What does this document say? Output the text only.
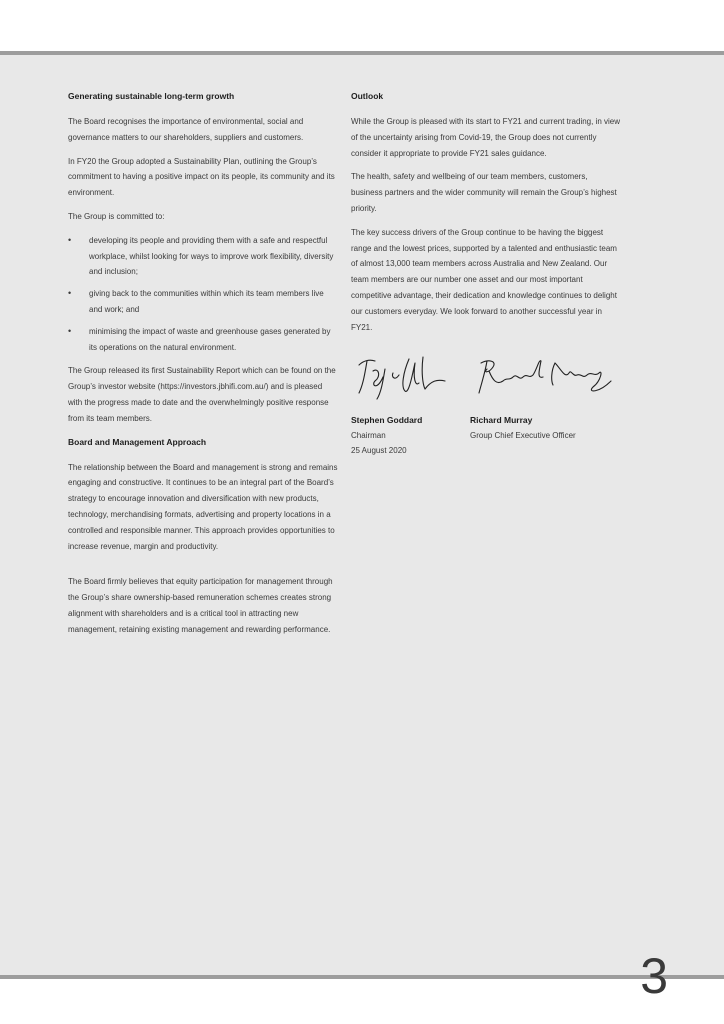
Generating sustainable long-term growth

The Board recognises the importance of environmental, social and governance matters to our shareholders, suppliers and customers.

In FY20 the Group adopted a Sustainability Plan, outlining the Group’s commitment to having a positive impact on its people, its community and its environment.

The Group is committed to:

• developing its people and providing them with a safe and respectful workplace, whilst looking for ways to improve work flexibility, diversity and inclusion;
• giving back to the communities within which its team members live and work; and
• minimising the impact of waste and greenhouse gases generated by its operations on the natural environment.

The Group released its first Sustainability Report which can be found on the Group’s investor website (https://investors.jbhifi.com.au/) and is pleased with the progress made to date and the overwhelmingly positive response from its team members.

Board and Management Approach

The relationship between the Board and management is strong and remains engaging and constructive. It continues to be an integral part of the Board’s strategy to encourage innovation and diversification with new products, technology, merchandising formats, advertising and property locations in a controlled and responsible manner. This approach provides opportunities to increase revenue, margin and productivity.

The Board firmly believes that equity participation for management through the Group’s share ownership-based remuneration schemes creates strong alignment with shareholders and is a critical tool in attracting new management, retaining existing management and rewarding performance.

Outlook

While the Group is pleased with its start to FY21 and current trading, in view of the uncertainty arising from Covid-19, the Group does not currently consider it appropriate to provide FY21 sales guidance.

The health, safety and wellbeing of our team members, customers, business partners and the wider community will remain the Group’s highest priority.

The key success drivers of the Group continue to be having the biggest range and the lowest prices, supported by a talented and enthusiastic team of almost 13,000 team members across Australia and New Zealand. Our team members are our number one asset and our most important competitive advantage, their dedication and knowledge continues to delight our customers everyday. We look forward to another successful year in FY21.

Stephen Goddard
Chairman
Richard Murray
Group Chief Executive Officer
25 August 2020
3
